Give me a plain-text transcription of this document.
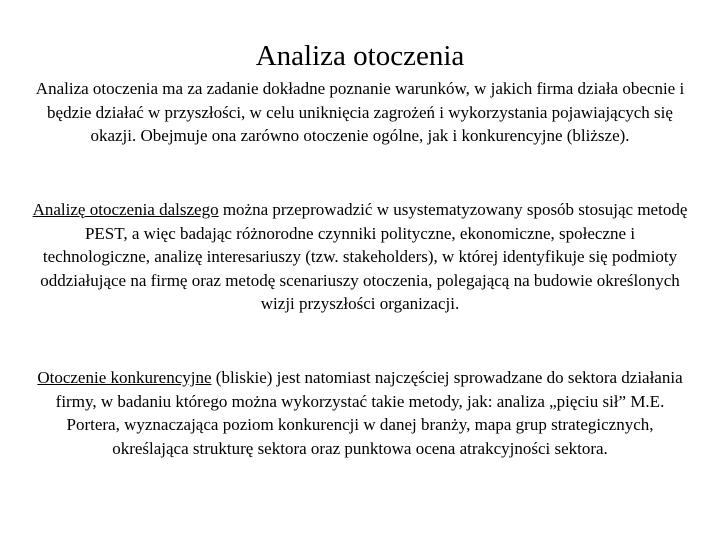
Analiza otoczenia

Analiza otoczenia ma za zadanie dokładne poznanie warunków, w jakich firma działa obecnie i będzie działać w przyszłości, w celu uniknięcia zagrożeń i wykorzystania pojawiających się okazji. Obejmuje ona zarówno otoczenie ogólne, jak i konkurencyjne (bliższe).

Analizę otoczenia dalszego można przeprowadzić w usystematyzowany sposób stosując metodę PEST, a więc badając różnorodne czynniki polityczne, ekonomiczne, społeczne i technologiczne, analizę interesariuszy (tzw. stakeholders), w której identyfikuje się podmioty oddziałujące na firmę oraz metodę scenariuszy otoczenia, polegającą na budowie określonych wizji przyszłości organizacji.

Otoczenie konkurencyjne (bliskie) jest natomiast najczęściej sprowadzane do sektora działania firmy, w badaniu którego można wykorzystać takie metody, jak: analiza „pięciu sił” M.E. Portera, wyznaczająca poziom konkurencji w danej branży, mapa grup strategicznych, określająca strukturę sektora oraz punktowa ocena atrakcyjności sektora.
